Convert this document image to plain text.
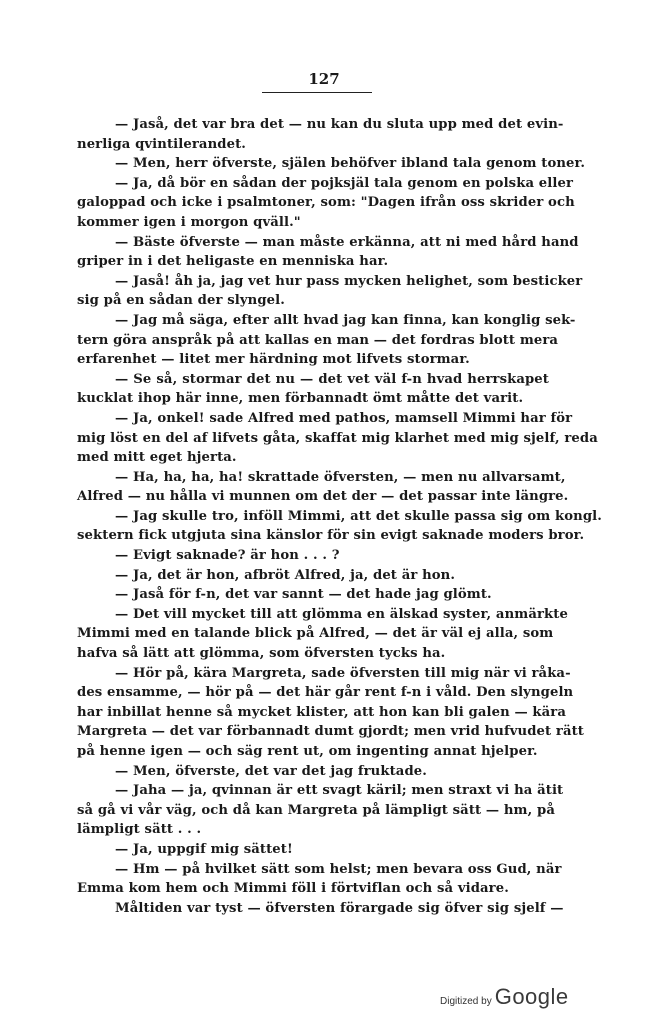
127
— Jaså, det var bra det — nu kan du sluta upp med det evin-
nerliga qvintilerandet.
— Men, herr öfverste, själen behöfver ibland tala genom toner.
— Ja, då bör en sådan der pojksjäl tala genom en polska eller
galoppad och icke i psalmtoner, som: "Dagen ifrån oss skrider och
kommer igen i morgon qväll."
— Bäste öfverste — man måste erkänna, att ni med hård hand
griper in i det heligaste en menniska har.
— Jaså! åh ja, jag vet hur pass mycken helighet, som besticker
sig på en sådan der slyngel.
— Jag må säga, efter allt hvad jag kan finna, kan konglig sek-
tern göra anspråk på att kallas en man — det fordras blott mera
erfarenhet — litet mer härdning mot lifvets stormar.
— Se så, stormar det nu — det vet väl f-n hvad herrskapet
kucklat ihop här inne, men förbannadt ömt måtte det varit.
— Ja, onkel! sade Alfred med pathos, mamsell Mimmi har för
mig löst en del af lifvets gåta, skaffat mig klarhet med mig sjelf, reda
med mitt eget hjerta.
— Ha, ha, ha, ha! skrattade öfversten, — men nu allvarsamt,
Alfred — nu hålla vi munnen om det der — det passar inte längre.
— Jag skulle tro, inföll Mimmi, att det skulle passa sig om kongl.
sektern fick utgjuta sina känslor för sin evigt saknade moders bror.
— Evigt saknade? är hon . . . ?
— Ja, det är hon, afbröt Alfred, ja, det är hon.
— Jaså för f-n, det var sannt — det hade jag glömt.
— Det vill mycket till att glömma en älskad syster, anmärkte
Mimmi med en talande blick på Alfred, — det är väl ej alla, som
hafva så lätt att glömma, som öfversten tycks ha.
— Hör på, kära Margreta, sade öfversten till mig när vi råka-
des ensamme, — hör på — det här går rent f-n i våld. Den slyngeln
har inbillat henne så mycket klister, att hon kan bli galen — kära
Margreta — det var förbannadt dumt gjordt; men vrid hufvudet rätt
på henne igen — och säg rent ut, om ingenting annat hjelper.
— Men, öfverste, det var det jag fruktade.
— Jaha — ja, qvinnan är ett svagt käril; men straxt vi ha ätit
så gå vi vår väg, och då kan Margreta på lämpligt sätt — hm, på
lämpligt sätt . . .
— Ja, uppgif mig sättet!
— Hm — på hvilket sätt som helst; men bevara oss Gud, när
Emma kom hem och Mimmi föll i förtviflan och så vidare.
Måltiden var tyst — öfversten förargade sig öfver sig sjelf —
Digitized by Google
